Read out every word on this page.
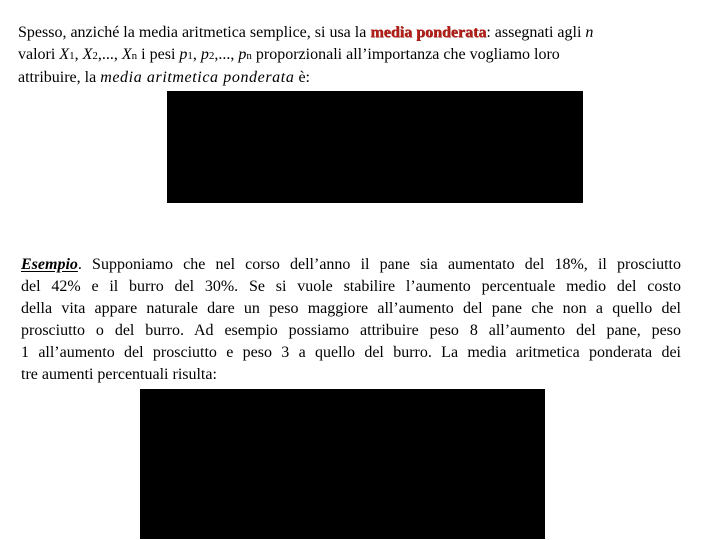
Spesso, anziché la media aritmetica semplice, si usa la media ponderata: assegnati agli n
valori X1, X2,..., Xn i pesi p1, p2,..., pn proporzionali all’importanza che vogliamo loro
attribuire, la media aritmetica ponderata è:
Esempio. Supponiamo che nel corso dell’anno il pane sia aumentato del 18%, il prosciutto
del 42% e il burro del 30%. Se si vuole stabilire l’aumento percentuale medio del costo
della vita appare naturale dare un peso maggiore all’aumento del pane che non a quello del
prosciutto o del burro. Ad esempio possiamo attribuire peso 8 all’aumento del pane, peso
1 all’aumento del prosciutto e peso 3 a quello del burro. La media aritmetica ponderata dei
tre aumenti percentuali risulta:
